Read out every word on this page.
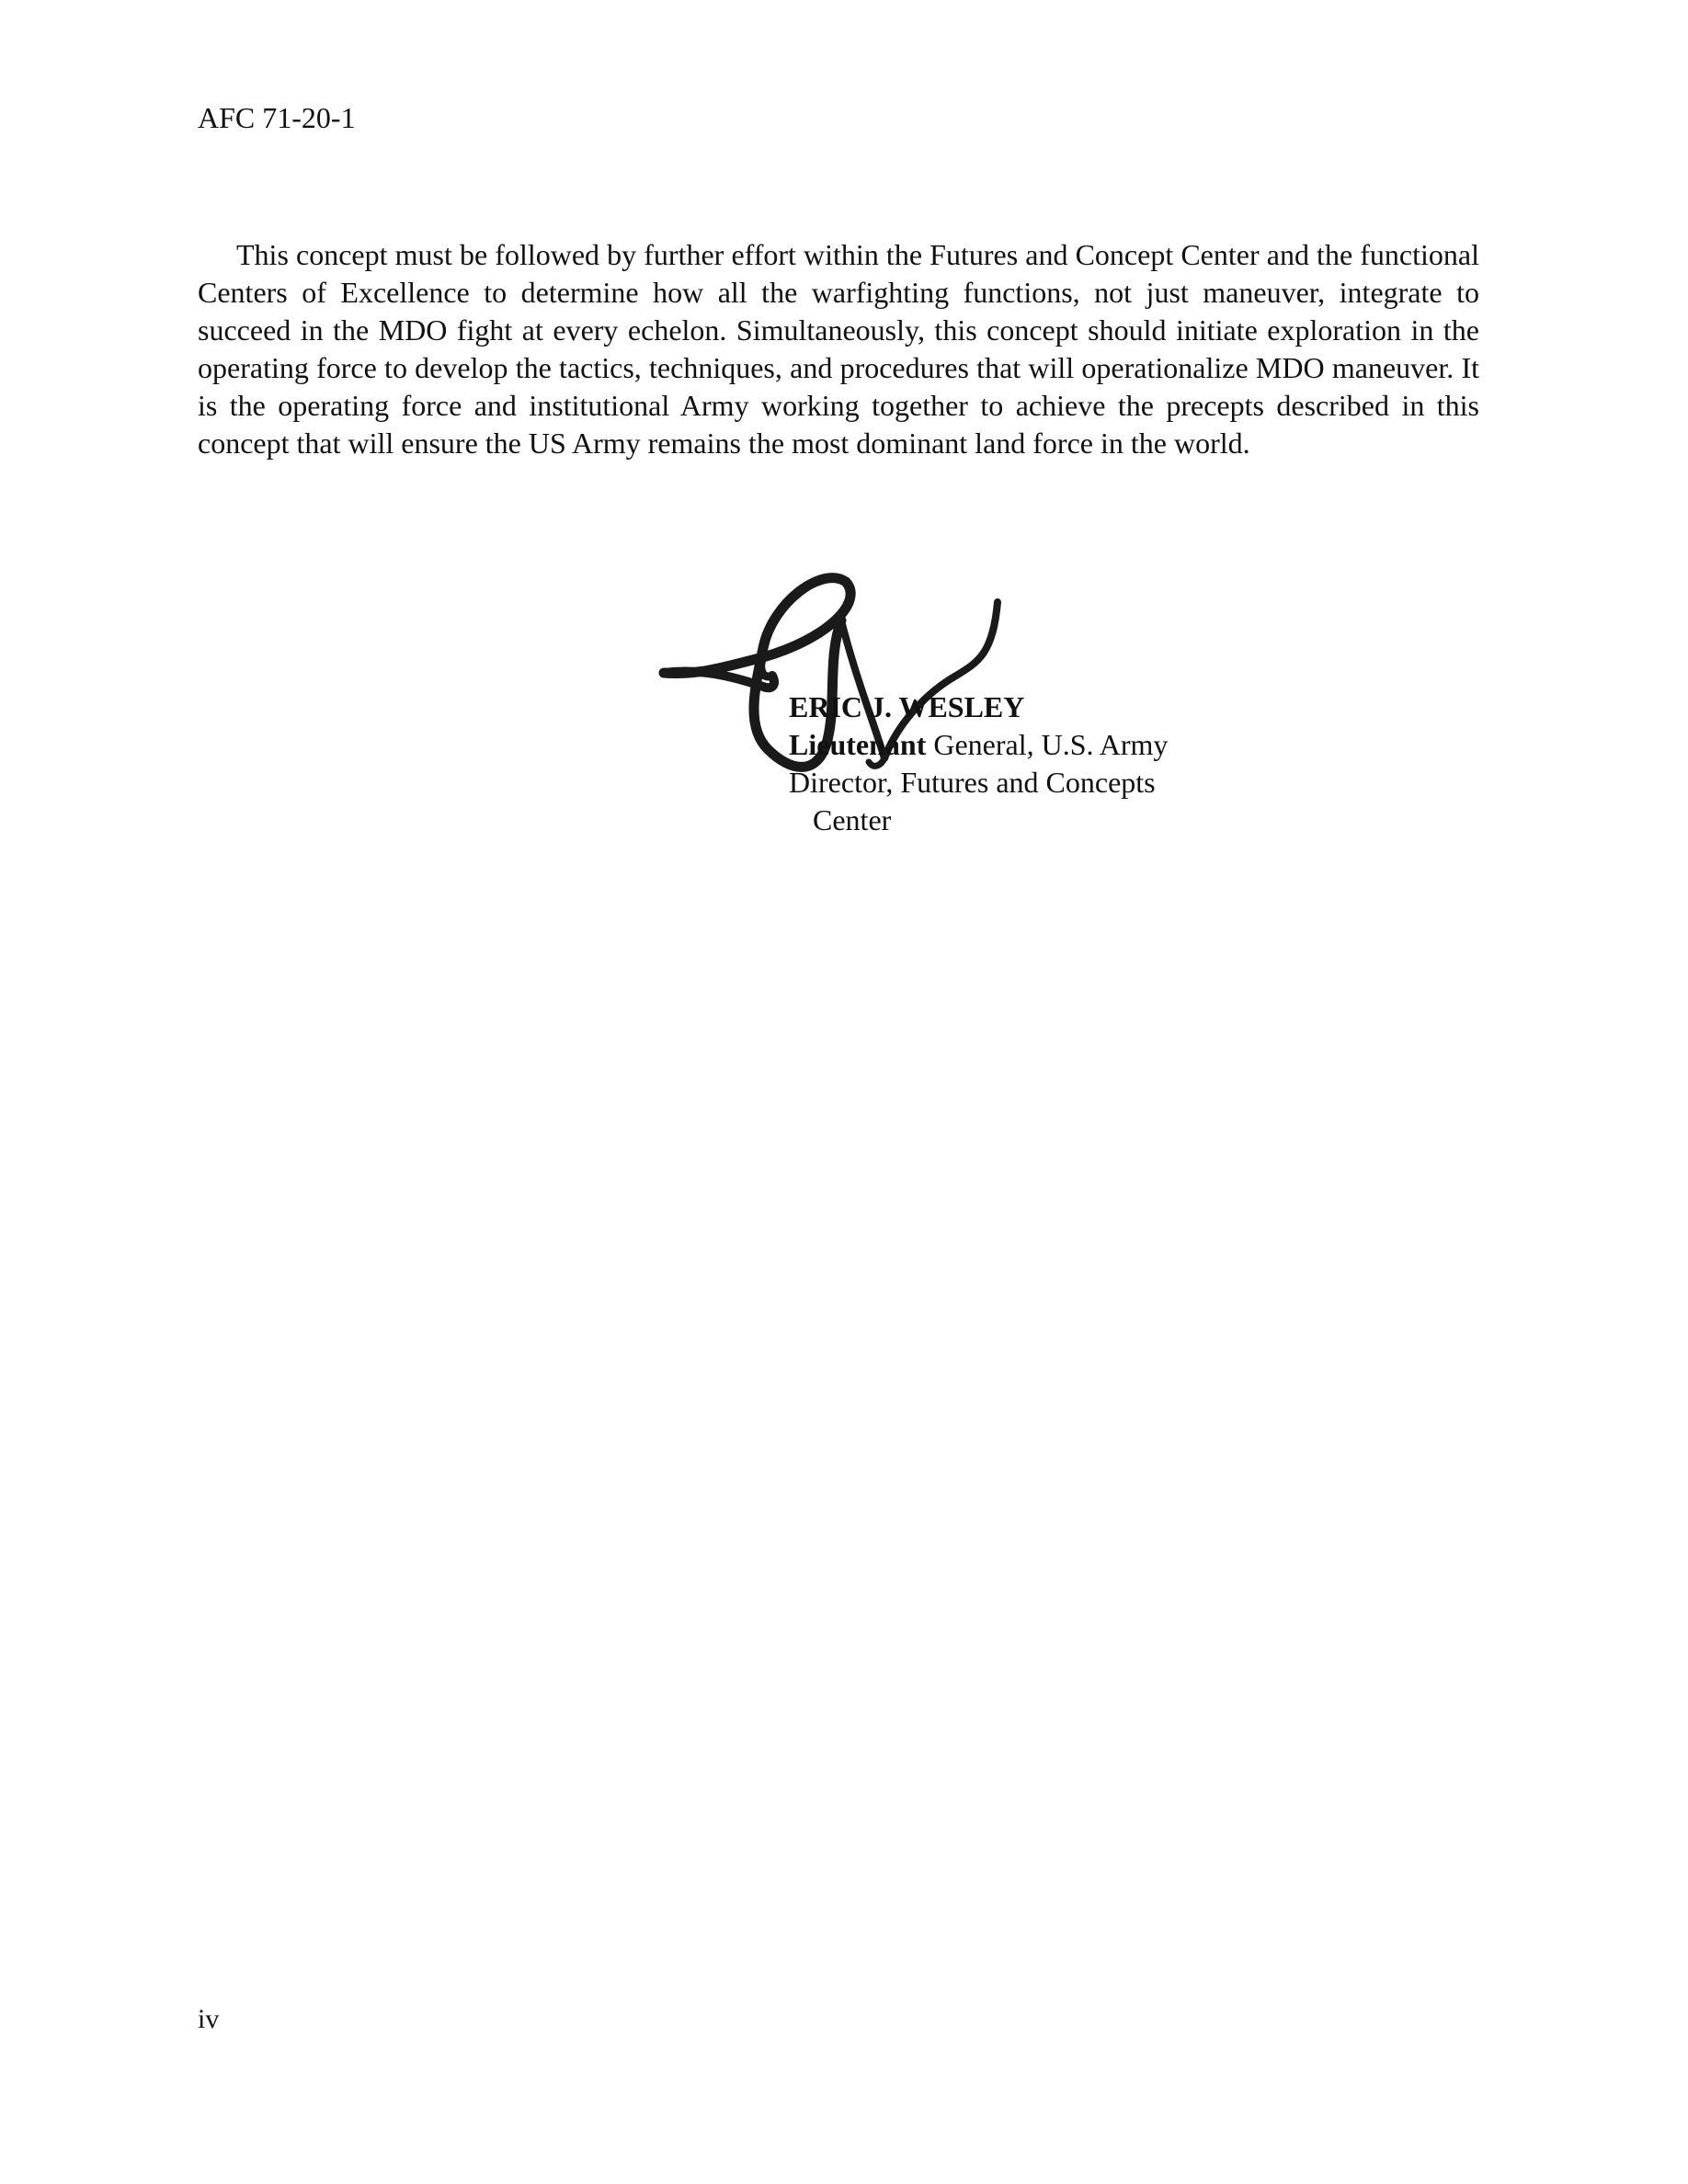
AFC 71-20-1

This concept must be followed by further effort within the Futures and Concept Center and the functional Centers of Excellence to determine how all the warfighting functions, not just maneuver, integrate to succeed in the MDO fight at every echelon. Simultaneously, this concept should initiate exploration in the operating force to develop the tactics, techniques, and procedures that will operationalize MDO maneuver. It is the operating force and institutional Army working together to achieve the precepts described in this concept that will ensure the US Army remains the most dominant land force in the world.

ERIC J. WESLEY
Lieutenant General, U.S. Army
Director, Futures and Concepts
Center
iv
